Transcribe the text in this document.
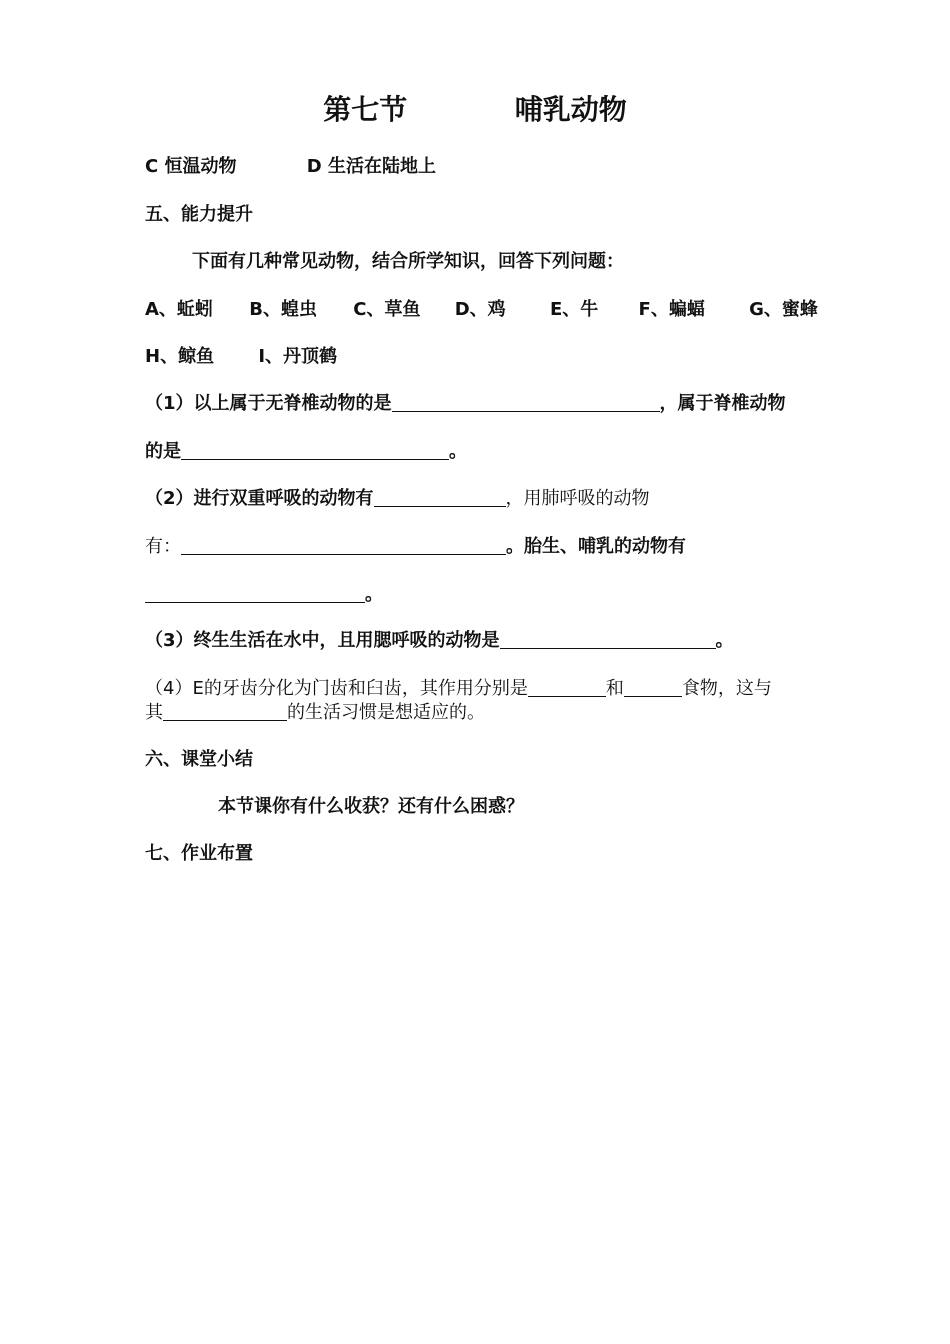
第七节	哺乳动物
C 恒温动物	D 生活在陆地上
五、能力提升
下面有几种常见动物，结合所学知识，回答下列问题：
A、蚯蚓 B、蝗虫 C、草鱼 D、鸡 E、牛 F、蝙蝠 G、蜜蜂
H、鲸鱼 I、丹顶鹤
（1）以上属于无脊椎动物的是	，属于脊椎动物
的是	。
（2）进行双重呼吸的动物有	，用肺呼吸的动物
有：	。胎生、哺乳的动物有
。
（3）终生生活在水中，且用腮呼吸的动物是	。
（4）E的牙齿分化为门齿和臼齿，其作用分别是	和	食物，这与
其	的生活习惯是想适应的。
六、课堂小结
本节课你有什么收获？还有什么困惑？
七、作业布置
